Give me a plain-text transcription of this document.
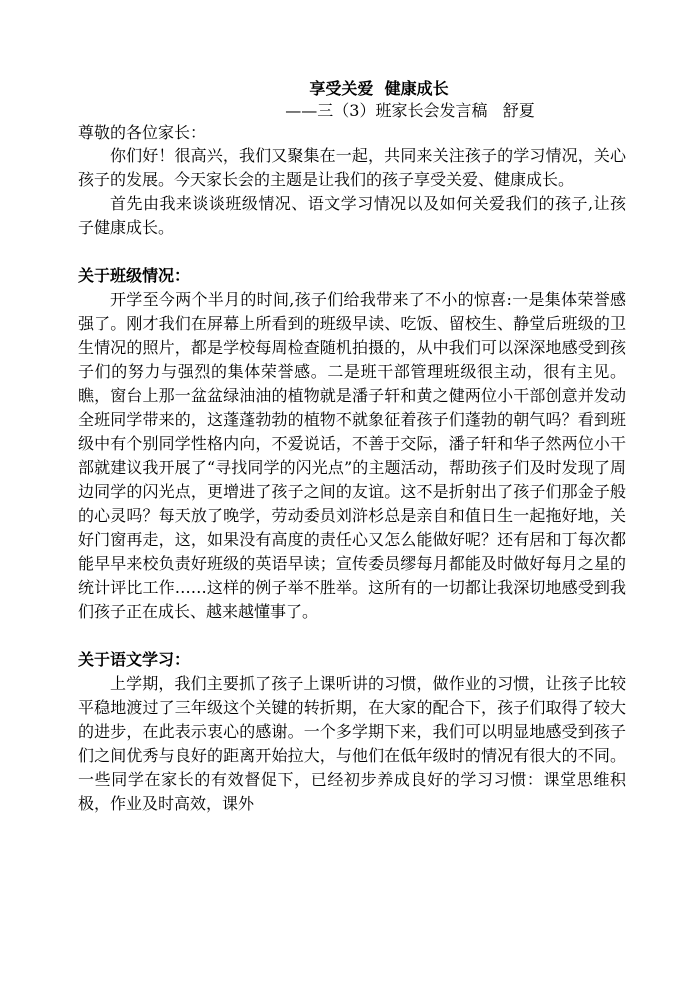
享受关爱  健康成长

——三（3）班家长会发言稿   舒夏

尊敬的各位家长：

你们好！很高兴，我们又聚集在一起，共同来关注孩子的学习情况，关心孩子的发展。今天家长会的主题是让我们的孩子享受关爱、健康成长。

首先由我来谈谈班级情况、语文学习情况以及如何关爱我们的孩子,让孩子健康成长。

关于班级情况：

开学至今两个半月的时间,孩子们给我带来了不小的惊喜:一是集体荣誉感强了。刚才我们在屏幕上所看到的班级早读、吃饭、留校生、静堂后班级的卫生情况的照片，都是学校每周检查随机拍摄的，从中我们可以深深地感受到孩子们的努力与强烈的集体荣誉感。二是班干部管理班级很主动，很有主见。瞧，窗台上那一盆盆绿油油的植物就是潘子轩和黄之健两位小干部创意并发动全班同学带来的，这蓬蓬勃勃的植物不就象征着孩子们蓬勃的朝气吗？看到班级中有个别同学性格内向，不爱说话，不善于交际，潘子轩和华子然两位小干部就建议我开展了“寻找同学的闪光点”的主题活动，帮助孩子们及时发现了周边同学的闪光点，更增进了孩子之间的友谊。这不是折射出了孩子们那金子般的心灵吗？每天放了晚学，劳动委员刘浒杉总是亲自和值日生一起拖好地，关好门窗再走，这，如果没有高度的责任心又怎么能做好呢？还有居和丁每次都能早早来校负责好班级的英语早读；宣传委员缪每月都能及时做好每月之星的统计评比工作……这样的例子举不胜举。这所有的一切都让我深切地感受到我们孩子正在成长、越来越懂事了。

关于语文学习：

上学期，我们主要抓了孩子上课听讲的习惯，做作业的习惯，让孩子比较平稳地渡过了三年级这个关键的转折期，在大家的配合下，孩子们取得了较大的进步，在此表示衷心的感谢。一个多学期下来，我们可以明显地感受到孩子们之间优秀与良好的距离开始拉大，与他们在低年级时的情况有很大的不同。一些同学在家长的有效督促下，已经初步养成良好的学习习惯：课堂思维积极，作业及时高效，课外
